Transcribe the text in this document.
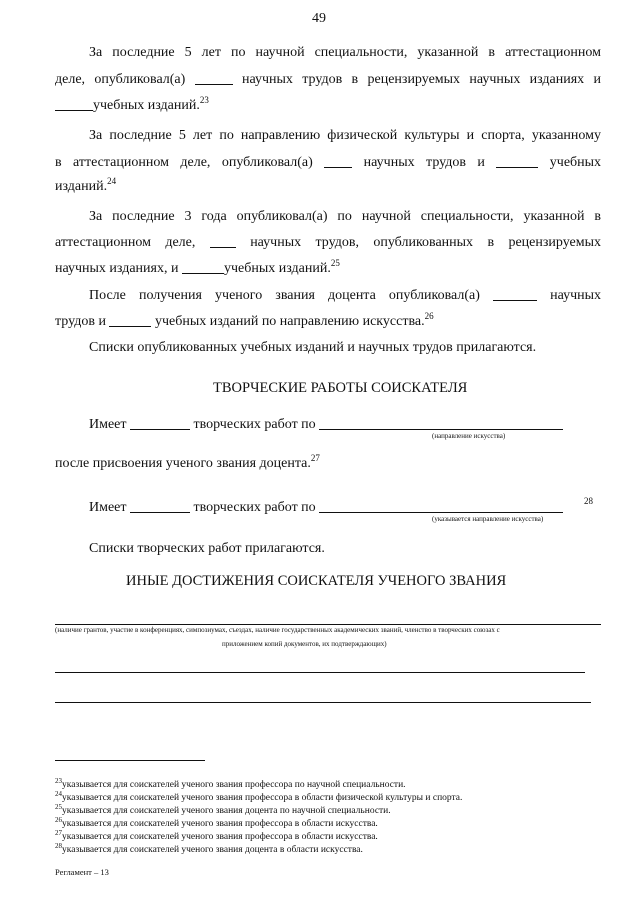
49
За последние 5 лет по научной специальности, указанной в аттестационном
деле, опубликовал(а)	научных трудов в рецензируемых научных изданиях и
учебных изданий.$^{23}$
За последние 5 лет по направлению физической культуры и спорта, указанному
в аттестационном деле, опубликовал(а)	научных трудов и	учебных
изданий.$^{24}$
За последние 3 года опубликовал(а) по научной специальности, указанной в
аттестационном деле,	научных трудов, опубликованных в рецензируемых
научных изданиях, и	учебных изданий.$^{25}$
После получения ученого звания доцента опубликовал(а)	научных
трудов и	учебных изданий по направлению искусства.$^{26}$
Списки опубликованных учебных изданий и научных трудов прилагаются.
ТВОРЧЕСКИЕ РАБОТЫ СОИСКАТЕЛЯ
Имеет	творческих работ по
(направление искусства)
после присвоения ученого звания доцента.$^{27}$
Имеет	творческих работ по	28
(указывается направление искусства)
Списки творческих работ прилагаются.
ИНЫЕ ДОСТИЖЕНИЯ СОИСКАТЕЛЯ УЧЕНОГО ЗВАНИЯ
(наличие грантов, участие в конференциях, симпозиумах, съездах, наличие государственных академических званий, членство в творческих союзах с
приложением копий документов, их подтверждающих)
$^{23}$указывается для соискателей ученого звания профессора по научной специальности.
$^{24}$указывается для соискателей ученого звания профессора в области физической культуры и спорта.
$^{25}$указывается для соискателей ученого звания доцента по научной специальности.
$^{26}$указывается для соискателей ученого звания профессора в области искусства.
$^{27}$указывается для соискателей ученого звания профессора в области искусства.
$^{28}$указывается для соискателей ученого звания доцента в области искусства.
Регламент – 13
